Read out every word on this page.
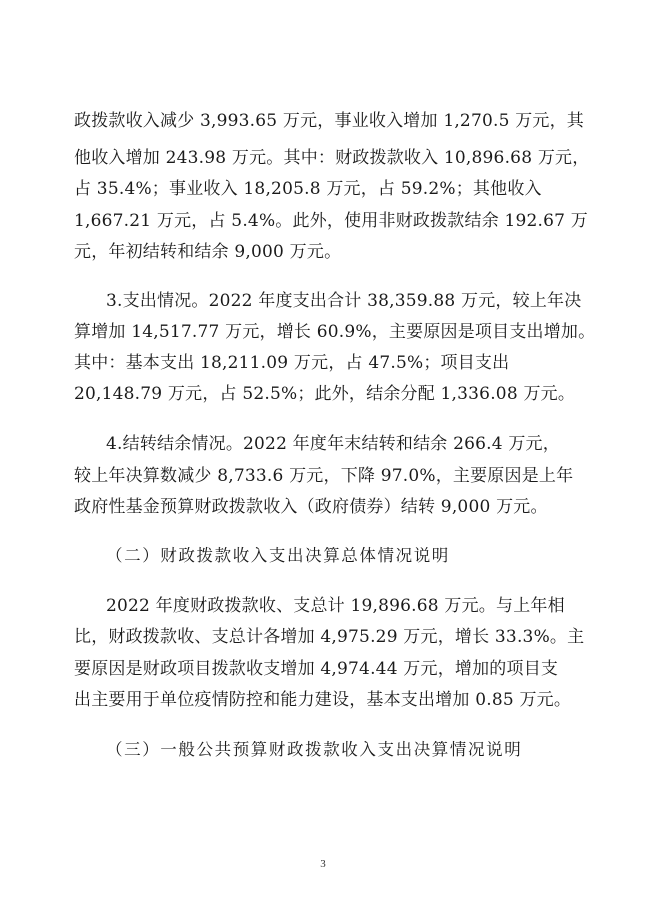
政拨款收入减少 3,993.65 万元，事业收入增加 1,270.5 万元，其
他收入增加 243.98 万元。其中：财政拨款收入 10,896.68 万元，
占 35.4%；事业收入 18,205.8 万元，占 59.2%；其他收入
1,667.21 万元，占 5.4%。此外，使用非财政拨款结余 192.67 万
元，年初结转和结余 9,000 万元。
3.支出情况。2022 年度支出合计 38,359.88 万元，较上年决
算增加 14,517.77 万元，增长 60.9%，主要原因是项目支出增加。
其中：基本支出 18,211.09 万元，占 47.5%；项目支出
20,148.79 万元，占 52.5%；此外，结余分配 1,336.08 万元。
4.结转结余情况。2022 年度年末结转和结余 266.4 万元，
较上年决算数减少 8,733.6 万元，下降 97.0%，主要原因是上年
政府性基金预算财政拨款收入（政府债券）结转 9,000 万元。
（二）财政拨款收入支出决算总体情况说明
2022 年度财政拨款收、支总计 19,896.68 万元。与上年相
比，财政拨款收、支总计各增加 4,975.29 万元，增长 33.3%。主
要原因是财政项目拨款收支增加 4,974.44 万元，增加的项目支
出主要用于单位疫情防控和能力建设，基本支出增加 0.85 万元。
（三）一般公共预算财政拨款收入支出决算情况说明
3
